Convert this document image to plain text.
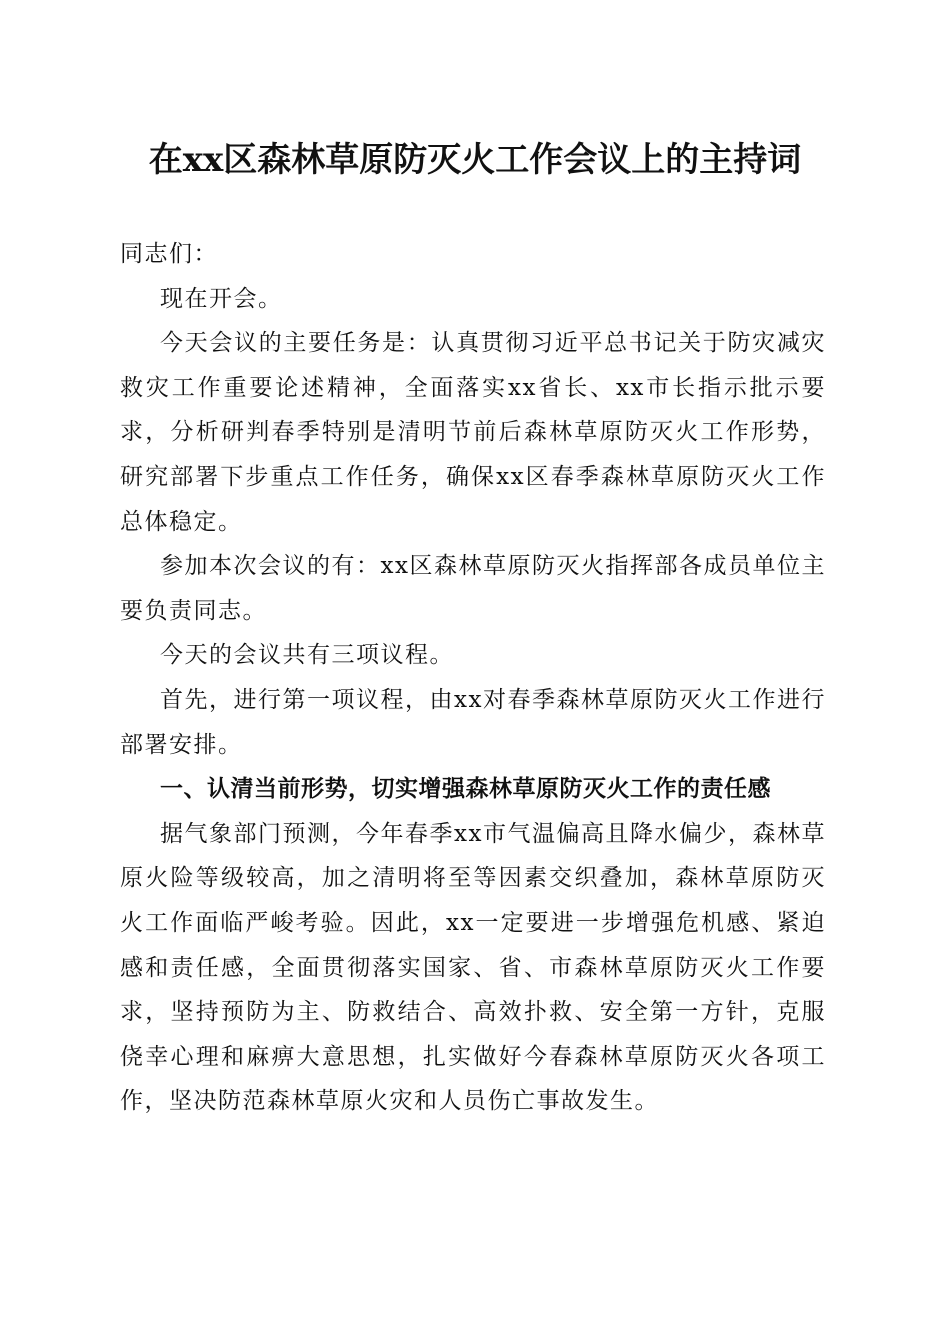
在xx区森林草原防灭火工作会议上的主持词

同志们：

现在开会。

今天会议的主要任务是：认真贯彻习近平总书记关于防灾减灾救灾工作重要论述精神，全面落实xx省长、xx市长指示批示要求，分析研判春季特别是清明节前后森林草原防灭火工作形势，研究部署下步重点工作任务，确保xx区春季森林草原防灭火工作总体稳定。

参加本次会议的有：xx区森林草原防灭火指挥部各成员单位主要负责同志。

今天的会议共有三项议程。

首先，进行第一项议程，由xx对春季森林草原防灭火工作进行部署安排。

一、认清当前形势，切实增强森林草原防灭火工作的责任感

据气象部门预测，今年春季xx市气温偏高且降水偏少，森林草原火险等级较高，加之清明将至等因素交织叠加，森林草原防灭火工作面临严峻考验。因此，xx一定要进一步增强危机感、紧迫感和责任感，全面贯彻落实国家、省、市森林草原防灭火工作要求，坚持预防为主、防救结合、高效扑救、安全第一方针，克服侥幸心理和麻痹大意思想，扎实做好今春森林草原防灭火各项工作，坚决防范森林草原火灾和人员伤亡事故发生。
